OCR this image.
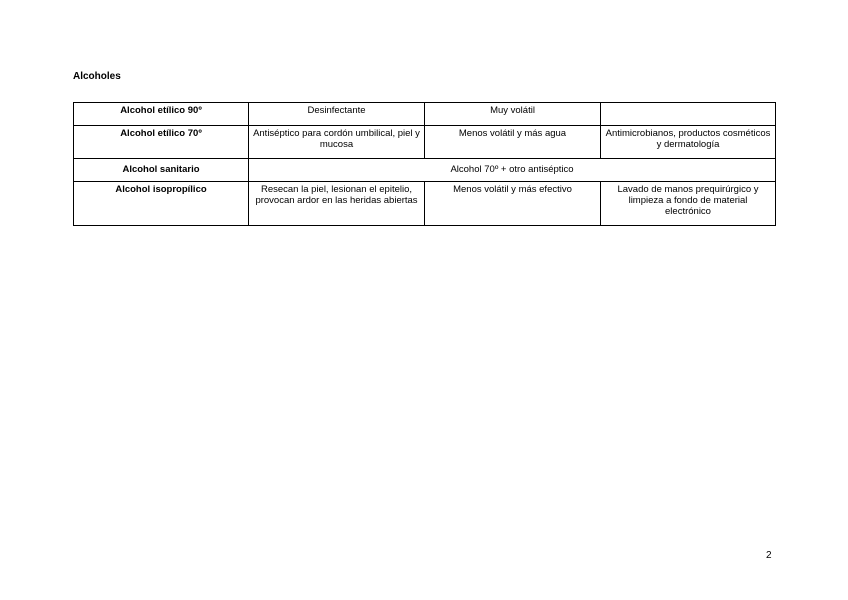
Alcoholes

Alcohol etílico 90º	Desinfectante	Muy volátil	
Alcohol etílico 70º	Antiséptico para cordón umbilical, piel y mucosa	Menos volátil y más agua	Antimicrobianos, productos cosméticos y dermatología
Alcohol sanitario	Alcohol 70º + otro antiséptico		
Alcohol isopropílico	Resecan la piel, lesionan el epitelio, provocan ardor en las heridas abiertas	Menos volátil y más efectivo	Lavado de manos prequirúrgico y limpieza a fondo de material electrónico
2
